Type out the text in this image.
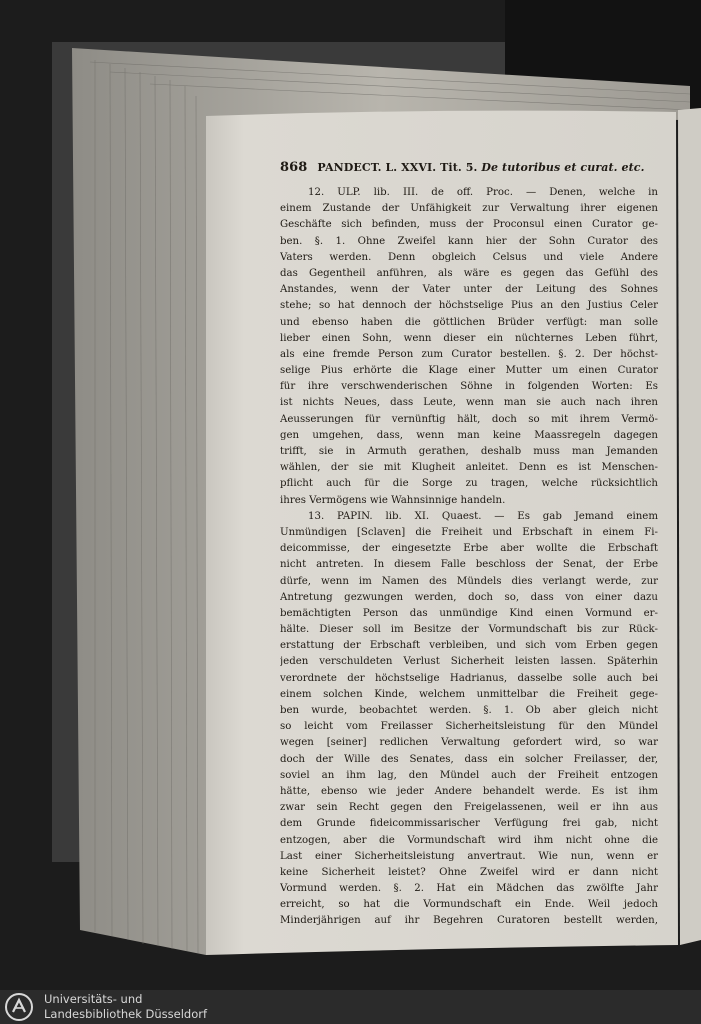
868 PANDECT. L. XXVI. Tit. 5. De tutoribus et curat. etc.
12. ULP. lib. III. de off. Proc. — Denen, welche in
einem Zustande der Unfähigkeit zur Verwaltung ihrer eigenen
Geschäfte sich befinden, muss der Proconsul einen Curator ge-
ben. §. 1. Ohne Zweifel kann hier der Sohn Curator des
Vaters werden. Denn obgleich Celsus und viele Andere
das Gegentheil anführen, als wäre es gegen das Gefühl des
Anstandes, wenn der Vater unter der Leitung des Sohnes
stehe; so hat dennoch der höchstselige Pius an den Justius Celer
und ebenso haben die göttlichen Brüder verfügt: man solle
lieber einen Sohn, wenn dieser ein nüchternes Leben führt,
als eine fremde Person zum Curator bestellen. §. 2. Der höchst-
selige Pius erhörte die Klage einer Mutter um einen Curator
für ihre verschwenderischen Söhne in folgenden Worten: Es
ist nichts Neues, dass Leute, wenn man sie auch nach ihren
Aeusserungen für vernünftig hält, doch so mit ihrem Vermö-
gen umgehen, dass, wenn man keine Maassregeln dagegen
trifft, sie in Armuth gerathen, deshalb muss man Jemanden
wählen, der sie mit Klugheit anleitet. Denn es ist Menschen-
pflicht auch für die Sorge zu tragen, welche rücksichtlich
ihres Vermögens wie Wahnsinnige handeln.
13. PAPIN. lib. XI. Quaest. — Es gab Jemand einem
Unmündigen [Sclaven] die Freiheit und Erbschaft in einem Fi-
deicommisse, der eingesetzte Erbe aber wollte die Erbschaft
nicht antreten. In diesem Falle beschloss der Senat, der Erbe
dürfe, wenn im Namen des Mündels dies verlangt werde, zur
Antretung gezwungen werden, doch so, dass von einer dazu
bemächtigten Person das unmündige Kind einen Vormund er-
hälte. Dieser soll im Besitze der Vormundschaft bis zur Rück-
erstattung der Erbschaft verbleiben, und sich vom Erben gegen
jeden verschuldeten Verlust Sicherheit leisten lassen. Späterhin
verordnete der höchstselige Hadrianus, dasselbe solle auch bei
einem solchen Kinde, welchem unmittelbar die Freiheit gege-
ben wurde, beobachtet werden. §. 1. Ob aber gleich nicht
so leicht vom Freilasser Sicherheitsleistung für den Mündel
wegen [seiner] redlichen Verwaltung gefordert wird, so war
doch der Wille des Senates, dass ein solcher Freilasser, der,
soviel an ihm lag, den Mündel auch der Freiheit entzogen
hätte, ebenso wie jeder Andere behandelt werde. Es ist ihm
zwar sein Recht gegen den Freigelassenen, weil er ihn aus
dem Grunde fideicommissarischer Verfügung frei gab, nicht
entzogen, aber die Vormundschaft wird ihm nicht ohne die
Last einer Sicherheitsleistung anvertraut. Wie nun, wenn er
keine Sicherheit leistet? Ohne Zweifel wird er dann nicht
Vormund werden. §. 2. Hat ein Mädchen das zwölfte Jahr
erreicht, so hat die Vormundschaft ein Ende. Weil jedoch
Minderjährigen auf ihr Begehren Curatoren bestellt werden,
Universitäts- und
Landesbibliothek Düsseldorf
